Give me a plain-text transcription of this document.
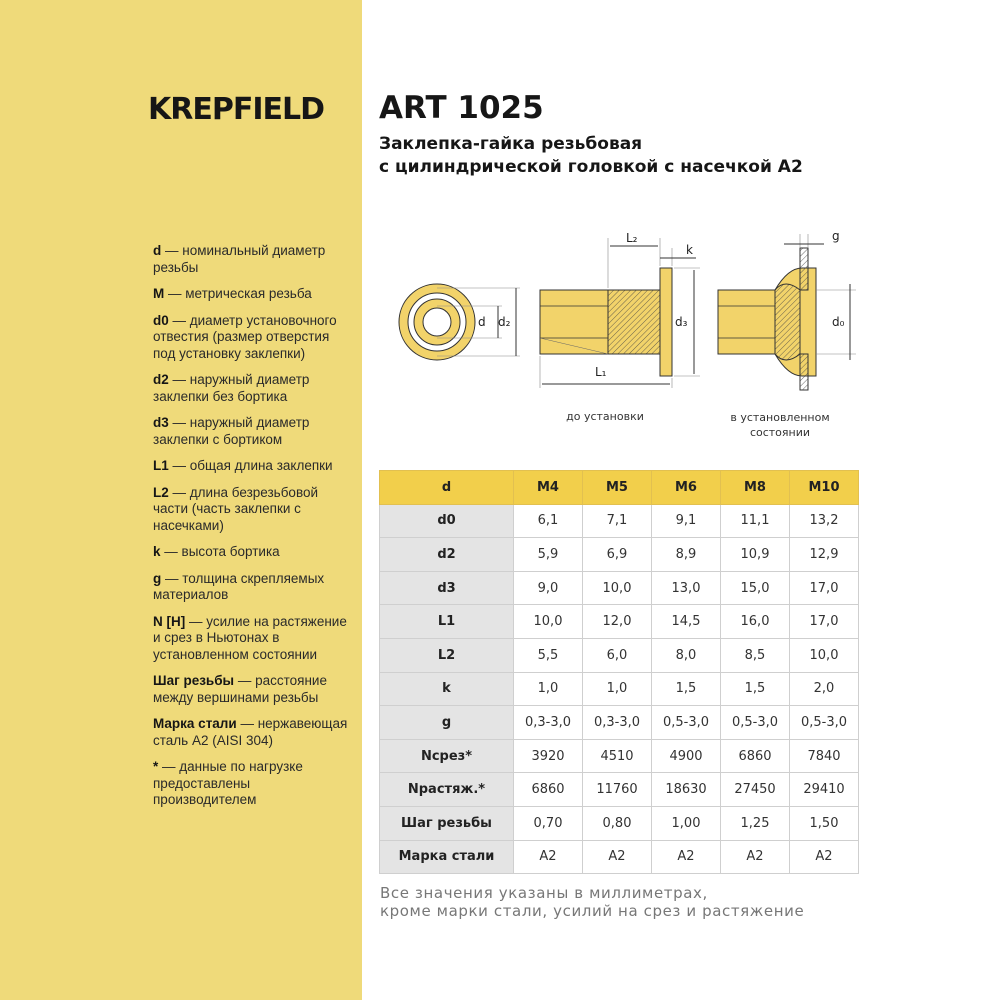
KREPFIELD ART 1025
Заклепка-гайка резьбовая
с цилиндрической головкой с насечкой А2
d — номинальный диаметр резьбы
M — метрическая резьба
d0 — диаметр установочного отвестия (размер отверстия под установку заклепки)
d2 — наружный диаметр заклепки без бортика
d3 — наружный диаметр заклепки с бортиком
L1 — общая длина заклепки
L2 — длина безрезьбовой части (часть заклепки с насечками)
k — высота бортика
g — толщина скрепляемых материалов
N [H] — усилие на растяжение и срез в Ньютонах в установленном состоянии
Шаг резьбы — расстояние между вершинами резьбы
Марка стали — нержавеющая сталь А2 (AISI 304)
* — данные по нагрузке предоставлены производителем
d d₂
L₂
k
d₃
L₁
g
d₀
до установки	в установленном
состоянии
d	M4	M5	M6	M8	M10
d0	6,1	7,1	9,1	11,1	13,2
d2	5,9	6,9	8,9	10,9	12,9
d3	9,0	10,0	13,0	15,0	17,0
L1	10,0	12,0	14,5	16,0	17,0
L2	5,5	6,0	8,0	8,5	10,0
k	1,0	1,0	1,5	1,5	2,0
g	0,3-3,0	0,3-3,0	0,5-3,0	0,5-3,0	0,5-3,0
Nсрез*	3920	4510	4900	6860	7840
Nрастяж.*	6860	11760	18630	27450	29410
Шаг резьбы	0,70	0,80	1,00	1,25	1,50
Марка стали	A2	A2	A2	A2	A2
Все значения указаны в миллиметрах,
кроме марки стали, усилий на срез и растяжение
